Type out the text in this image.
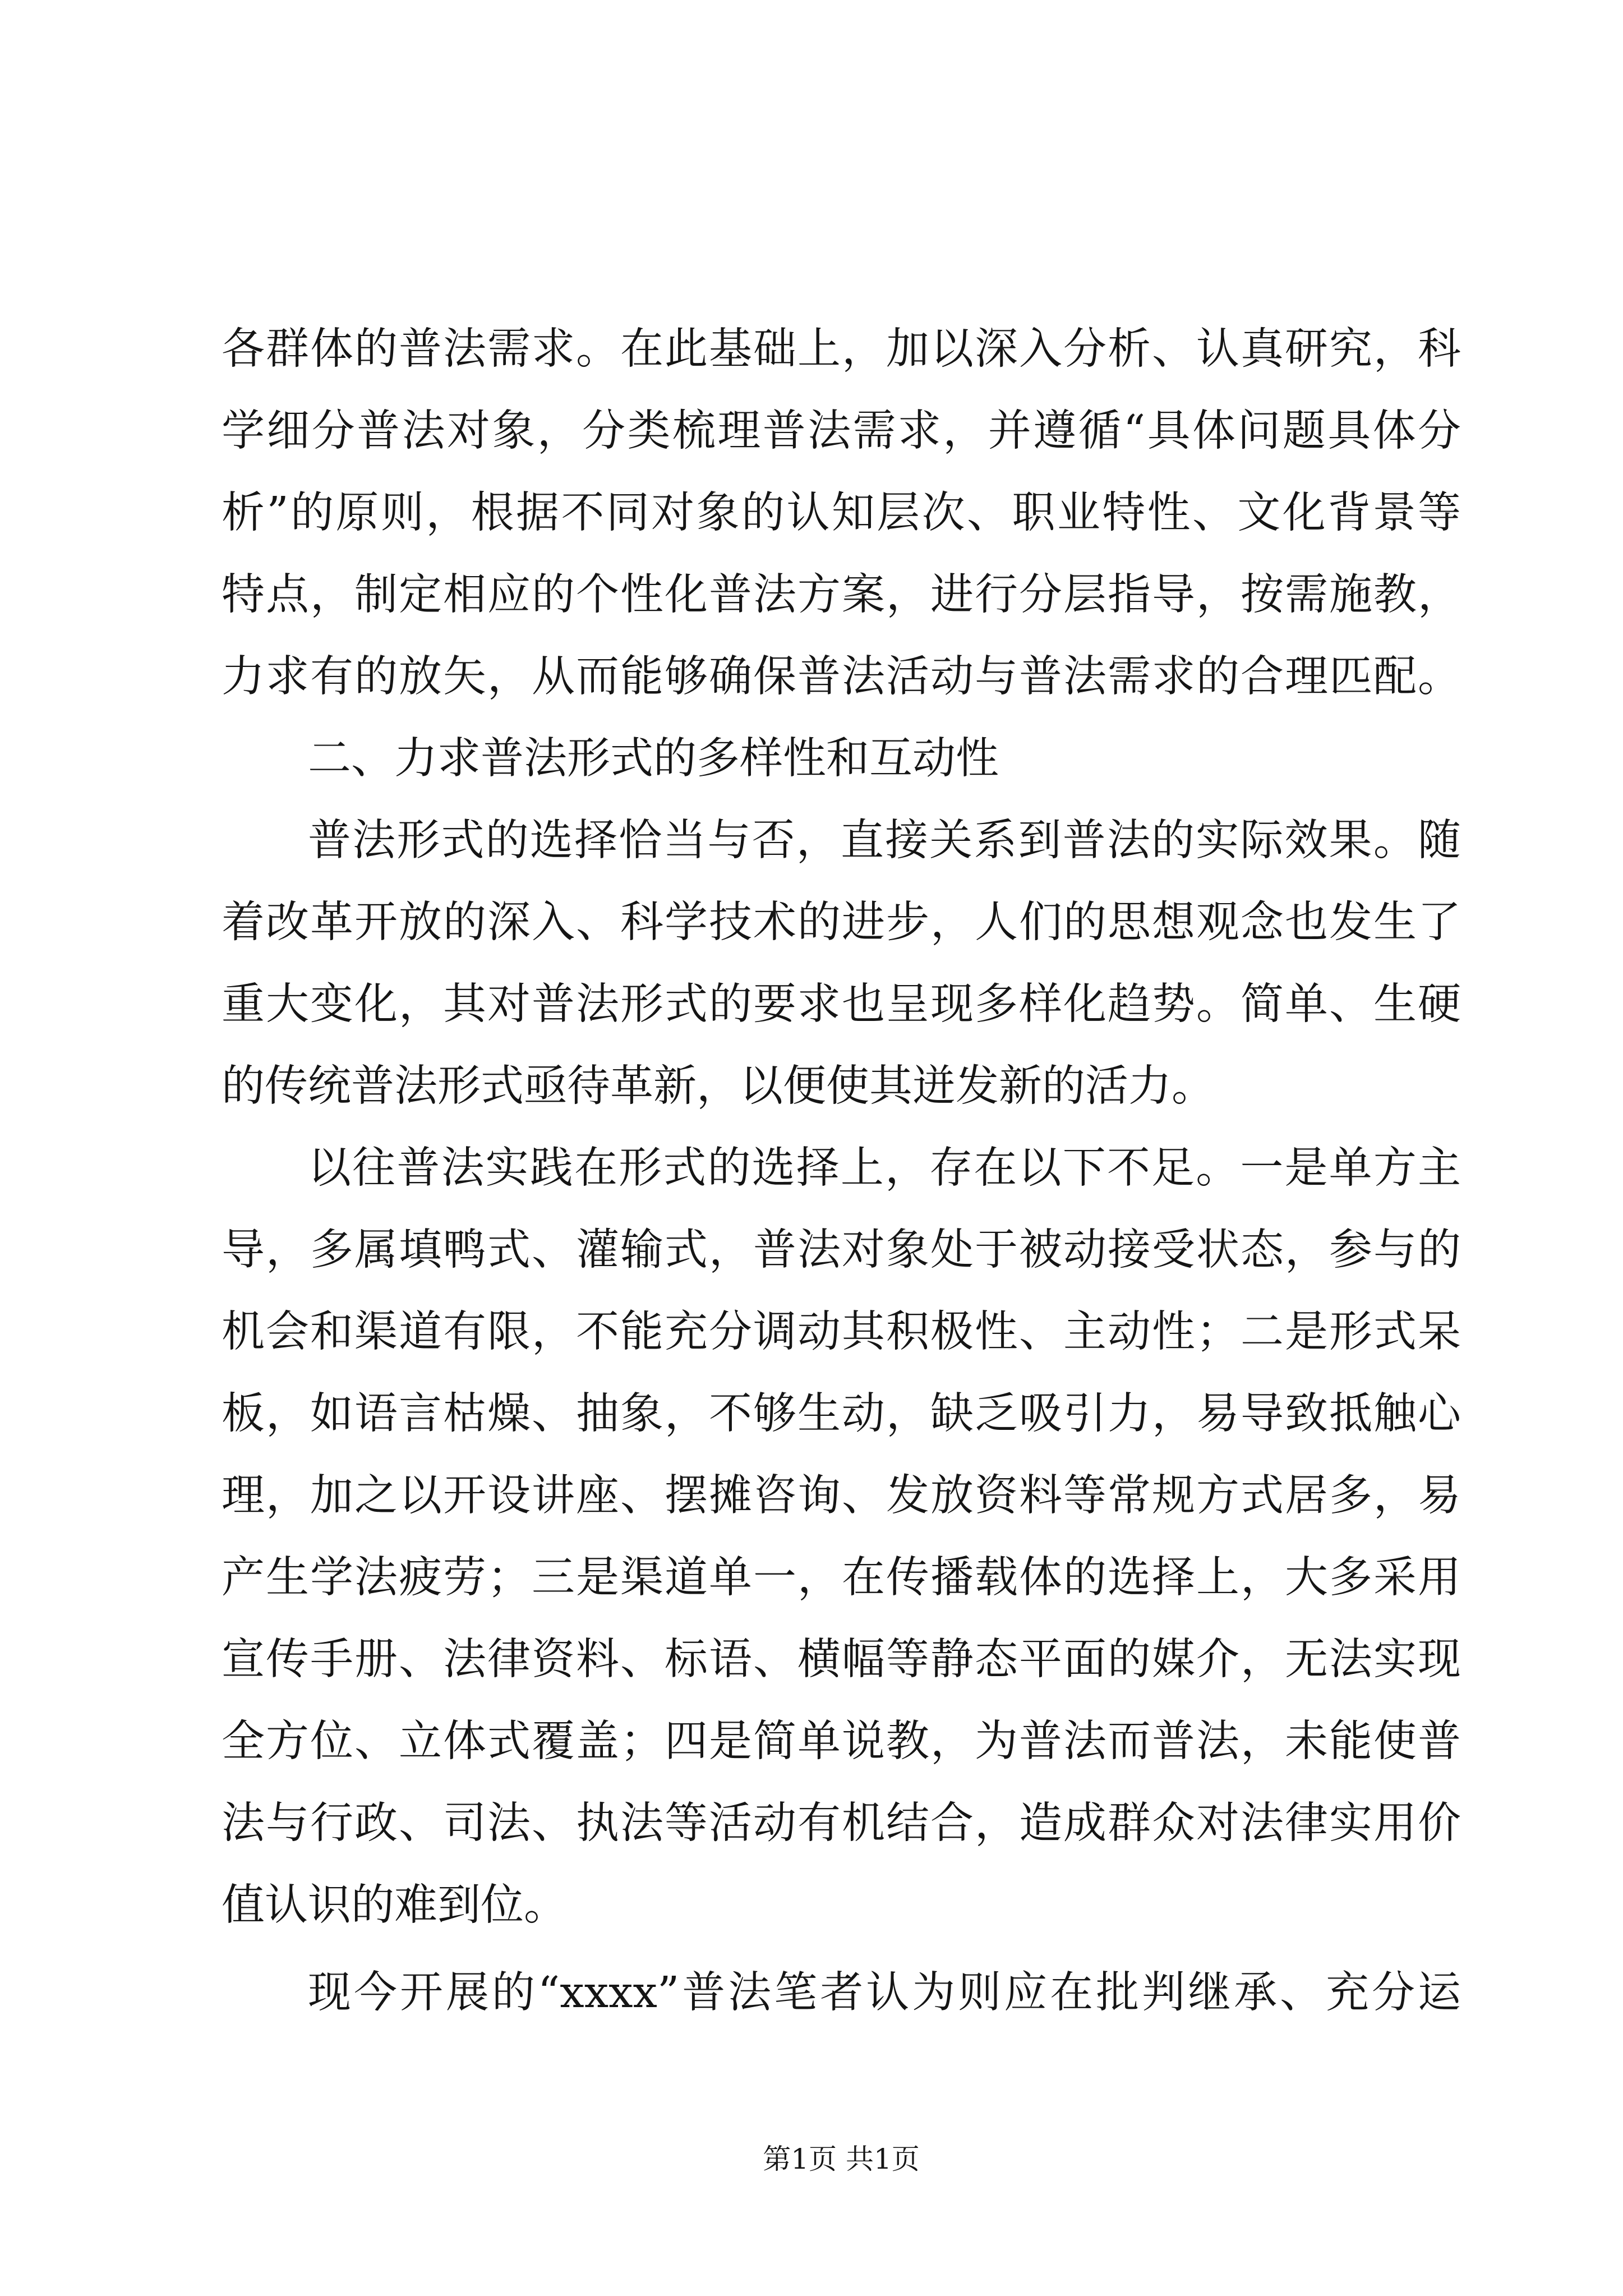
各群体的普法需求。在此基础上，加以深入分析、认真研究，科
学细分普法对象，分类梳理普法需求，并遵循“具体问题具体分
析”的原则，根据不同对象的认知层次、职业特性、文化背景等
特点，制定相应的个性化普法方案，进行分层指导，按需施教，
力求有的放矢，从而能够确保普法活动与普法需求的合理匹配。
二、力求普法形式的多样性和互动性
普法形式的选择恰当与否，直接关系到普法的实际效果。随
着改革开放的深入、科学技术的进步，人们的思想观念也发生了
重大变化，其对普法形式的要求也呈现多样化趋势。简单、生硬
的传统普法形式亟待革新，以便使其迸发新的活力。
以往普法实践在形式的选择上，存在以下不足。一是单方主
导，多属填鸭式、灌输式，普法对象处于被动接受状态，参与的
机会和渠道有限，不能充分调动其积极性、主动性；二是形式呆
板，如语言枯燥、抽象，不够生动，缺乏吸引力，易导致抵触心
理，加之以开设讲座、摆摊咨询、发放资料等常规方式居多，易
产生学法疲劳；三是渠道单一，在传播载体的选择上，大多采用
宣传手册、法律资料、标语、横幅等静态平面的媒介，无法实现
全方位、立体式覆盖；四是简单说教，为普法而普法，未能使普
法与行政、司法、执法等活动有机结合，造成群众对法律实用价
值认识的难到位。
现今开展的“xxxx”普法笔者认为则应在批判继承、充分运
第1页 共1页
